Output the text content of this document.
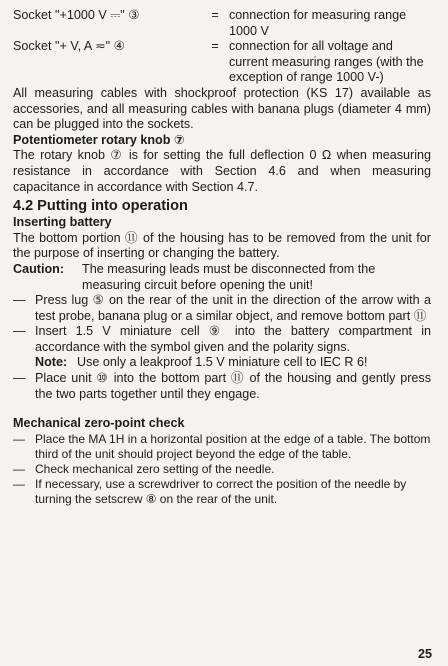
Socket "+1000 V ⎓" ③	= connection for measuring range 1000 V
Socket "+ V, A ≂" ④	= connection for all voltage and current measuring ranges (with the exception of range 1000 V-)

All measuring cables with shockproof protection (KS 17) available as accessories, and all measuring cables with banana plugs (diameter 4 mm) can be plugged into the sockets.

Potentiometer rotary knob ⑦

The rotary knob ⑦ is for setting the full deflection 0 Ω when measuring resistance in accordance with Section 4.6 and when measuring capacitance in accordance with Section 4.7.

4.2 Putting into operation

Inserting battery

The bottom portion ⑪ of the housing has to be removed from the unit for the purpose of inserting or changing the battery.

Caution:	The measuring leads must be disconnected from the measuring circuit before opening the unit!
— Press lug ⑤ on the rear of the unit in the direction of the arrow with a test probe, banana plug or a similar object, and remove bottom part ⑪
— Insert 1.5 V miniature cell ⑨ into the battery compartment in accordance with the symbol given and the polarity signs.
Note: Use only a leakproof 1.5 V miniature cell to IEC R 6!
— Place unit ⑩ into the bottom part ⑪ of the housing and gently press the two parts together until they engage.

Mechanical zero-point check

— Place the MA 1H in a horizontal position at the edge of a table. The bottom third of the unit should project beyond the edge of the table.
— Check mechanical zero setting of the needle.
— If necessary, use a screwdriver to correct the position of the needle by turning the setscrew ⑧ on the rear of the unit.
25
